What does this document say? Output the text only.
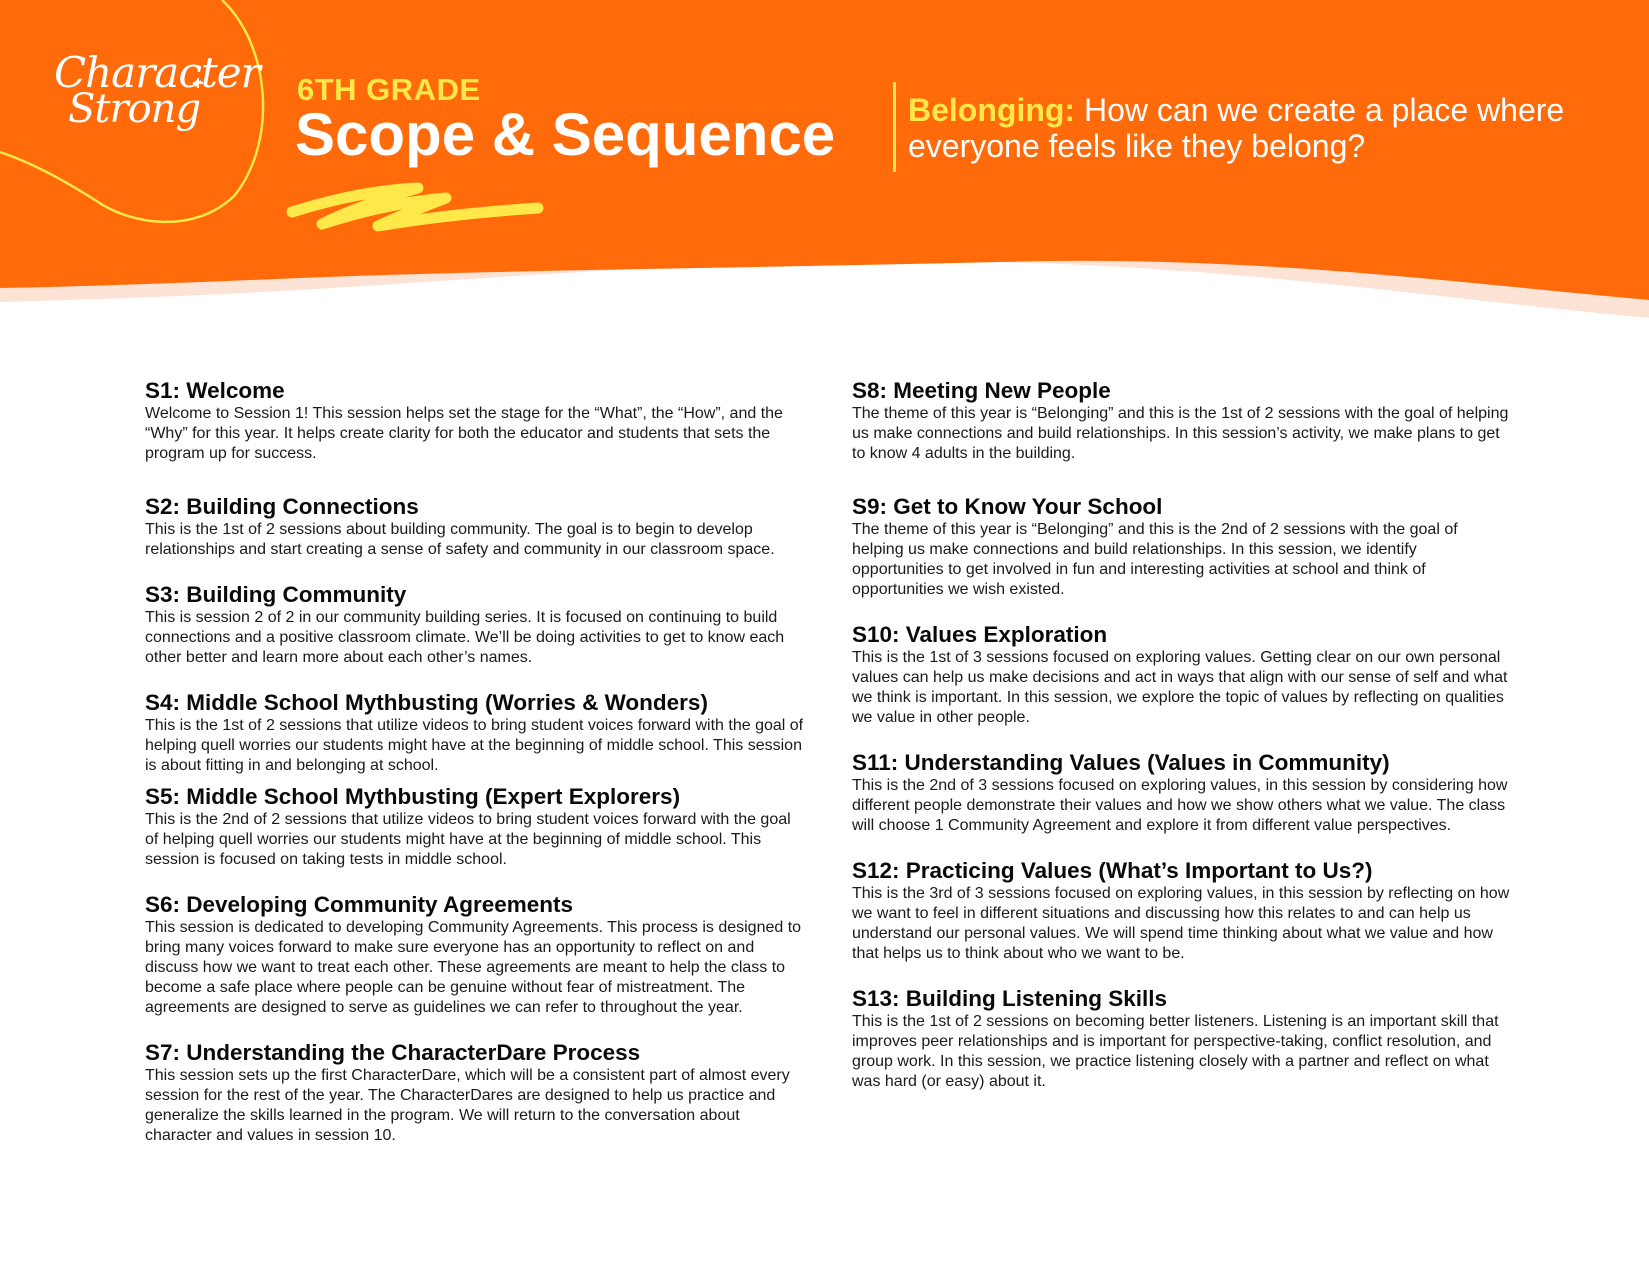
Character
Strong	6TH GRADE
Scope & Sequence Belonging: How can we create a place where everyone feels like they belong?
S1: Welcome

Welcome to Session 1! This session helps set the stage for the “What”, the “How”, and the “Why” for this year. It helps create clarity for both the educator and students that sets the program up for success.

S2: Building Connections

This is the 1st of 2 sessions about building community. The goal is to begin to develop relationships and start creating a sense of safety and community in our classroom space.

S3: Building Community

This is session 2 of 2 in our community building series. It is focused on continuing to build connections and a positive classroom climate. We’ll be doing activities to get to know each other better and learn more about each other’s names.

S4: Middle School Mythbusting (Worries & Wonders)

This is the 1st of 2 sessions that utilize videos to bring student voices forward with the goal of helping quell worries our students might have at the beginning of middle school. This session is about fitting in and belonging at school.

S5: Middle School Mythbusting (Expert Explorers)

This is the 2nd of 2 sessions that utilize videos to bring student voices forward with the goal of helping quell worries our students might have at the beginning of middle school. This session is focused on taking tests in middle school.

S6: Developing Community Agreements

This session is dedicated to developing Community Agreements. This process is designed to bring many voices forward to make sure everyone has an opportunity to reflect on and discuss how we want to treat each other. These agreements are meant to help the class to become a safe place where people can be genuine without fear of mistreatment. The agreements are designed to serve as guidelines we can refer to throughout the year.

S7: Understanding the CharacterDare Process

This session sets up the first CharacterDare, which will be a consistent part of almost every session for the rest of the year. The CharacterDares are designed to help us practice and generalize the skills learned in the program. We will return to the conversation about character and values in session 10.

S8: Meeting New People

The theme of this year is “Belonging” and this is the 1st of 2 sessions with the goal of helping us make connections and build relationships. In this session’s activity, we make plans to get to know 4 adults in the building.

S9: Get to Know Your School

The theme of this year is “Belonging” and this is the 2nd of 2 sessions with the goal of helping us make connections and build relationships. In this session, we identify opportunities to get involved in fun and interesting activities at school and think of opportunities we wish existed.

S10: Values Exploration

This is the 1st of 3 sessions focused on exploring values. Getting clear on our own personal values can help us make decisions and act in ways that align with our sense of self and what we think is important. In this session, we explore the topic of values by reflecting on qualities we value in other people.

S11: Understanding Values (Values in Community)

This is the 2nd of 3 sessions focused on exploring values, in this session by considering how different people demonstrate their values and how we show others what we value. The class will choose 1 Community Agreement and explore it from different value perspectives.

S12: Practicing Values (What’s Important to Us?)

This is the 3rd of 3 sessions focused on exploring values, in this session by reflecting on how we want to feel in different situations and discussing how this relates to and can help us understand our personal values. We will spend time thinking about what we value and how that helps us to think about who we want to be.

S13: Building Listening Skills

This is the 1st of 2 sessions on becoming better listeners. Listening is an important skill that improves peer relationships and is important for perspective-taking, conflict resolution, and group work. In this session, we practice listening closely with a partner and reflect on what was hard (or easy) about it.
